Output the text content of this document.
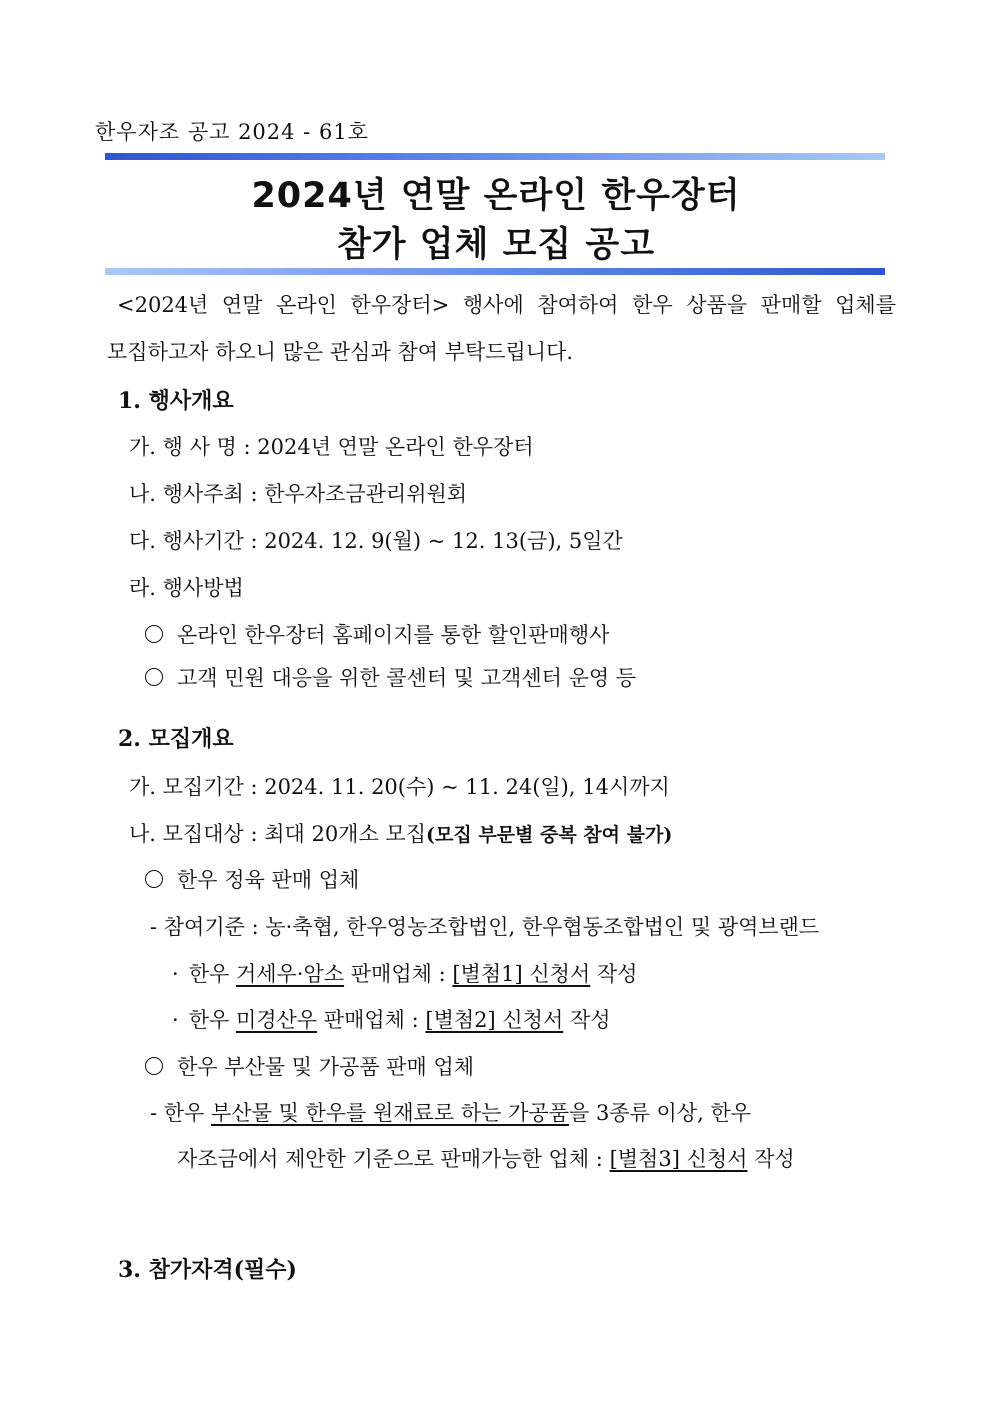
한우자조 공고 2024 - 61호
2024년 연말 온라인 한우장터
참가 업체 모집 공고
<2024년 연말 온라인 한우장터> 행사에 참여하여 한우 상품을 판매할 업체를
모집하고자 하오니 많은 관심과 참여 부탁드립니다.
1. 행사개요
가. 행 사 명 : 2024년 연말 온라인 한우장터
나. 행사주최 : 한우자조금관리위원회
다. 행사기간 : 2024. 12. 9(월) ~ 12. 13(금), 5일간
라. 행사방법
온라인 한우장터 홈페이지를 통한 할인판매행사
고객 민원 대응을 위한 콜센터 및 고객센터 운영 등
2. 모집개요
가. 모집기간 : 2024. 11. 20(수) ~ 11. 24(일), 14시까지
나. 모집대상 : 최대 20개소 모집(모집 부문별 중복 참여 불가)
한우 정육 판매 업체
- 참여기준 : 농·축협, 한우영농조합법인, 한우협동조합법인 및 광역브랜드
· 한우 거세우·암소 판매업체 : [별첨1] 신청서 작성
· 한우 미경산우 판매업체 : [별첨2] 신청서 작성
한우 부산물 및 가공품 판매 업체
- 한우 부산물 및 한우를 원재료로 하는 가공품을 3종류 이상, 한우
자조금에서 제안한 기준으로 판매가능한 업체 : [별첨3] 신청서 작성
3. 참가자격(필수)
